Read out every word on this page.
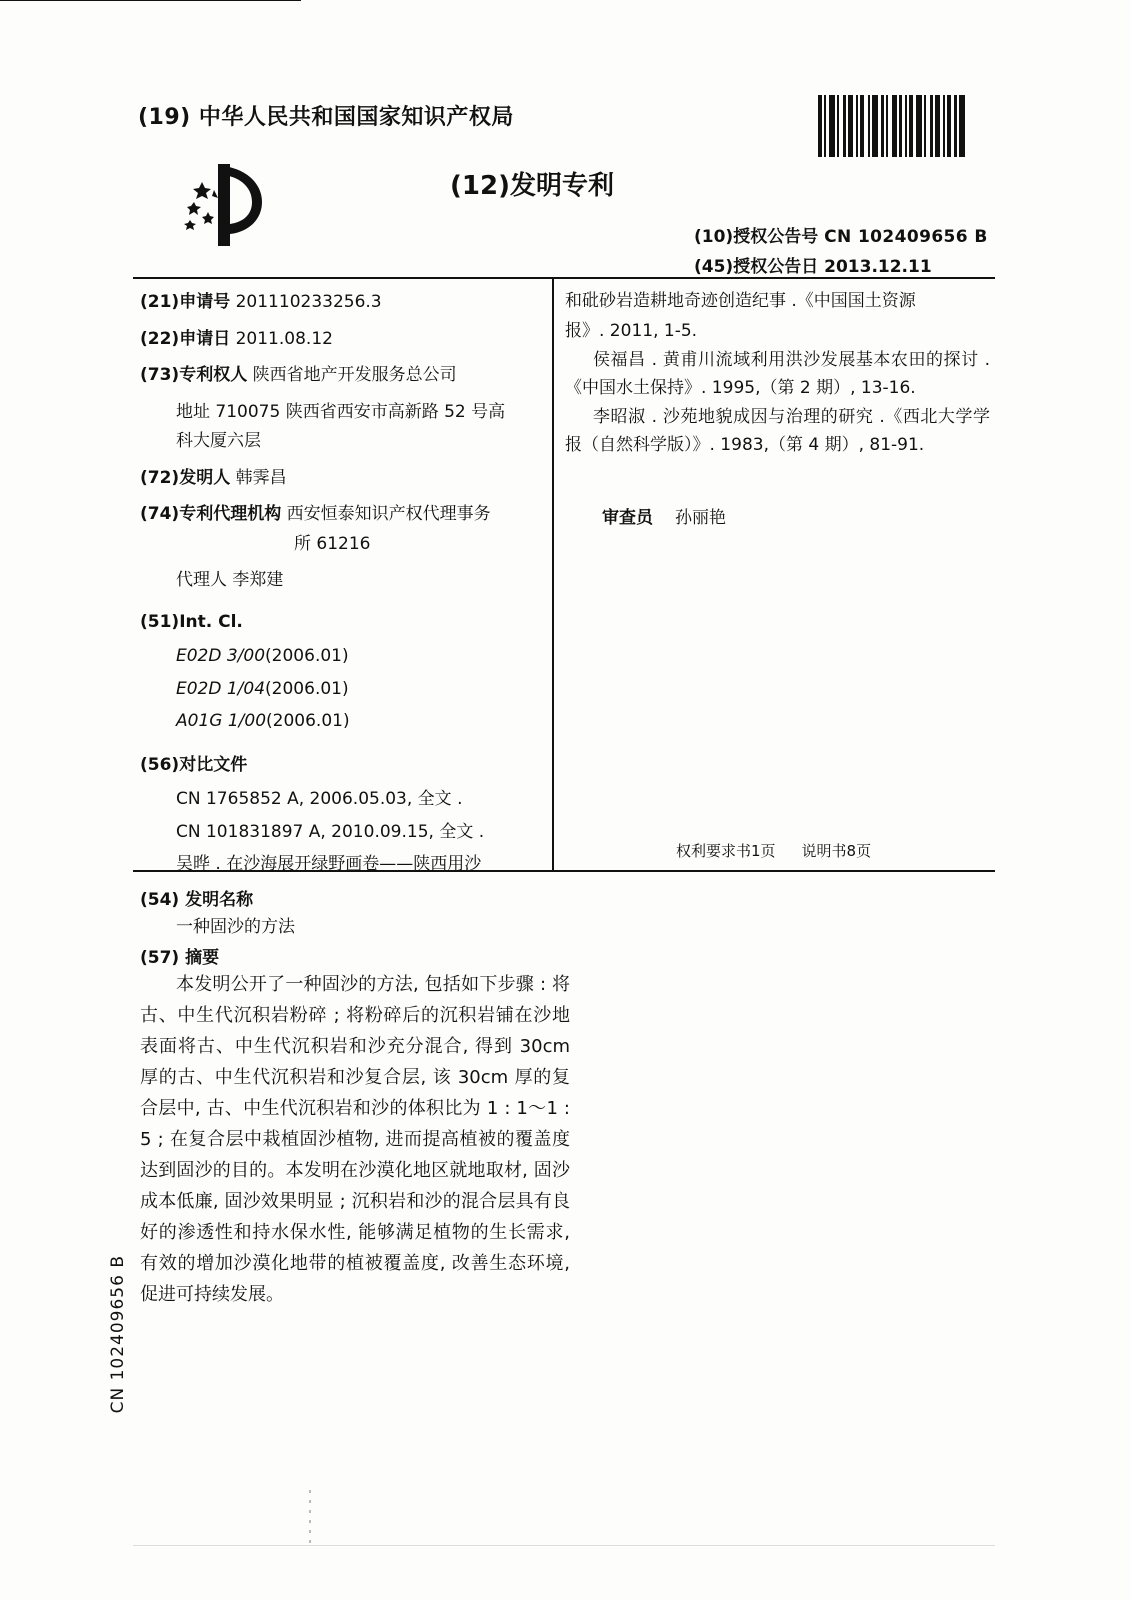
(19) 中华人民共和国国家知识产权局
(12)发明专利
(10)授权公告号 CN 102409656 B
(45)授权公告日 2013.12.11
(21)申请号 201110233256.3
(22)申请日 2011.08.12
(73)专利权人 陕西省地产开发服务总公司
地址 710075 陕西省西安市高新路 52 号高
科大厦六层
(72)发明人 韩霁昌
(74)专利代理机构 西安恒泰知识产权代理事务
所 61216
代理人 李郑建
(51)Int. Cl.
E02D 3/00(2006.01)
E02D 1/04(2006.01)
A01G 1/00(2006.01)
(56)对比文件
CN 1765852 A, 2006.05.03, 全文 .
CN 101831897 A, 2010.09.15, 全文 .
吴晔 . 在沙海展开绿野画卷——陕西用沙

和砒砂岩造耕地奇迹创造纪事 .《中国国土资源

报》. 2011, 1-5.

侯福昌 . 黄甫川流域利用洪沙发展基本农田的探讨 .《中国水土保持》. 1995,（第 2 期）, 13-16.

李昭淑 . 沙苑地貌成因与治理的研究 .《西北大学学报（自然科学版）》. 1983,（第 4 期）, 81-91.

审查员 孙丽艳
权利要求书1页 说明书8页
(54) 发明名称
一种固沙的方法
(57) 摘要
本发明公开了一种固沙的方法, 包括如下步骤 : 将古、中生代沉积岩粉碎 ; 将粉碎后的沉积岩铺在沙地表面将古、中生代沉积岩和沙充分混合, 得到 30cm 厚的古、中生代沉积岩和沙复合层, 该 30cm 厚的复合层中, 古、中生代沉积岩和沙的体积比为 1 : 1～1 : 5 ; 在复合层中栽植固沙植物, 进而提高植被的覆盖度达到固沙的目的。本发明在沙漠化地区就地取材, 固沙成本低廉, 固沙效果明显 ; 沉积岩和沙的混合层具有良好的渗透性和持水保水性, 能够满足植物的生长需求, 有效的增加沙漠化地带的植被覆盖度, 改善生态环境, 促进可持续发展。
CN 102409656 B
